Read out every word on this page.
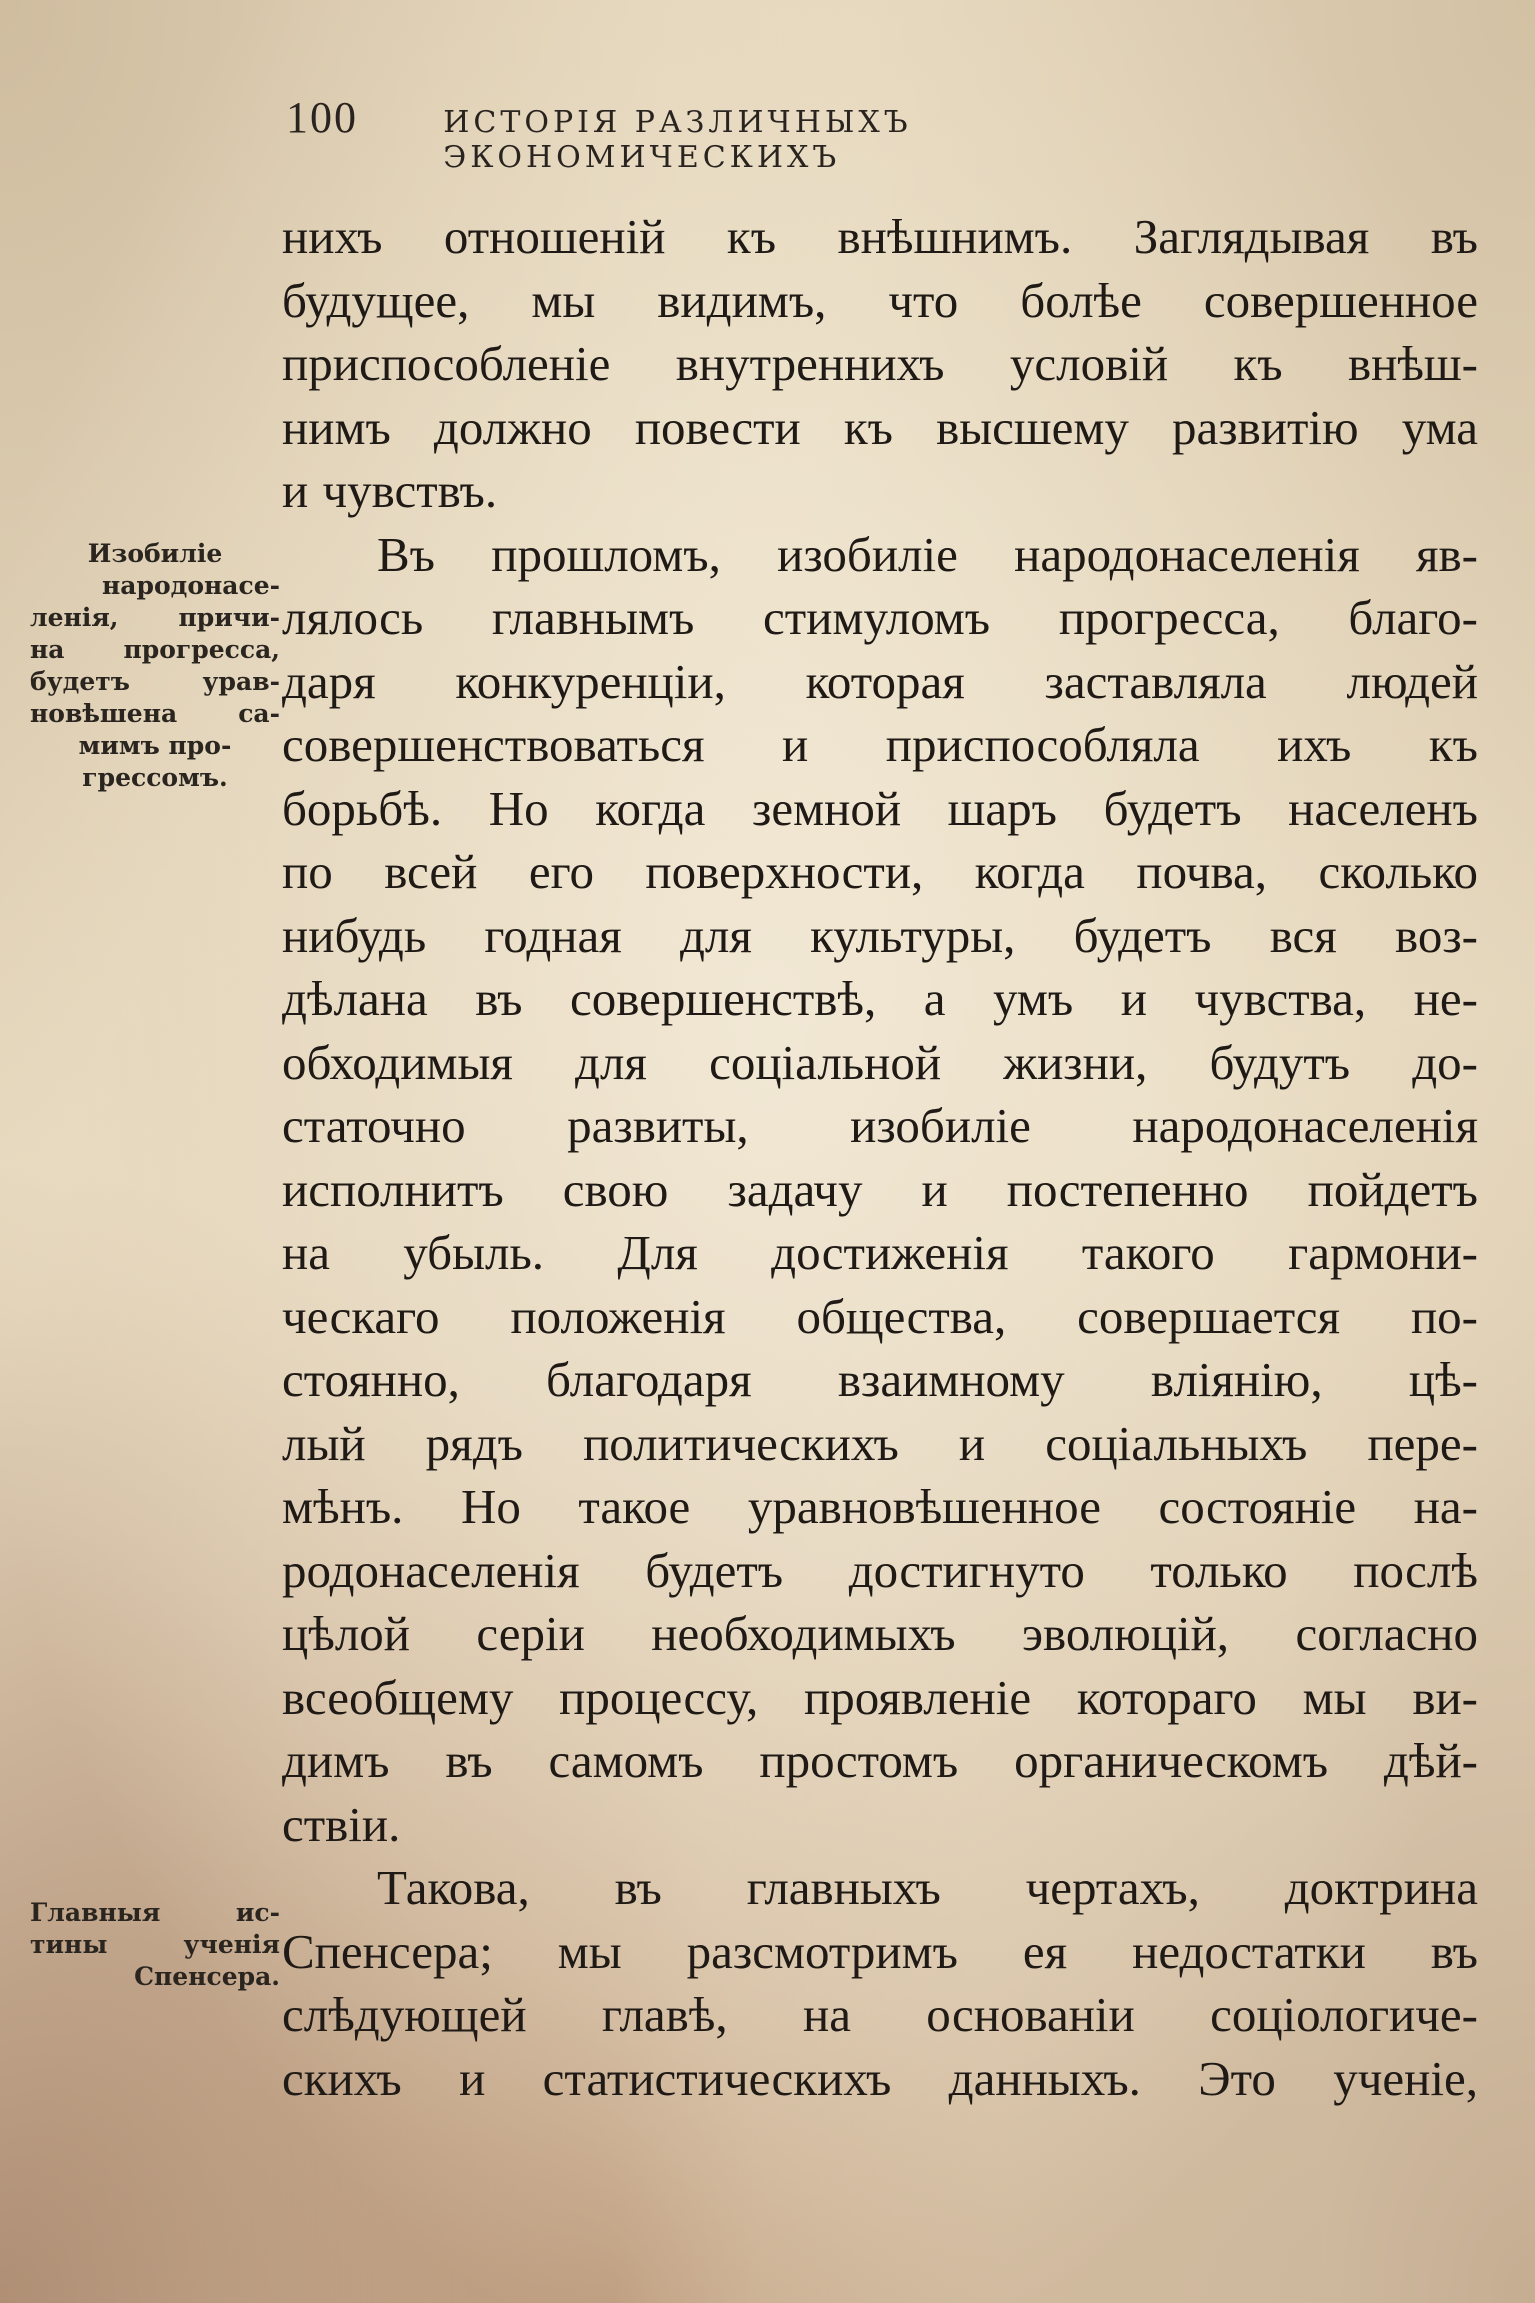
100	ИСТОРІЯ РАЗЛИЧНЫХЪ ЭКОНОМИЧЕСКИХЪ
Изобиліе
народонасе-
ленія, причи-
на прогресса,
будетъ урав-
новѣшена са-
мимъ про-
грессомъ.
Главныя ис-
тины ученія
Спенсера.
нихъ отношеній къ внѣшнимъ. Заглядывая въ
будущее, мы видимъ, что болѣе совершенное
приспособленіе внутреннихъ условій къ внѣш-
нимъ должно повести къ высшему развитію ума
и чувствъ.
Въ прошломъ, изобиліе народонаселенія яв-
лялось главнымъ стимуломъ прогресса, благо-
даря конкуренціи, которая заставляла людей
совершенствоваться и приспособляла ихъ къ
борьбѣ. Но когда земной шаръ будетъ населенъ
по всей его поверхности, когда почва, сколько
нибудь годная для культуры, будетъ вся воз-
дѣлана въ совершенствѣ, а умъ и чувства, не-
обходимыя для соціальной жизни, будутъ до-
статочно развиты, изобиліе народонаселенія
исполнитъ свою задачу и постепенно пойдетъ
на убыль. Для достиженія такого гармони-
ческаго положенія общества, совершается по-
стоянно, благодаря взаимному вліянію, цѣ-
лый рядъ политическихъ и соціальныхъ пере-
мѣнъ. Но такое уравновѣшенное состояніе на-
родонаселенія будетъ достигнуто только послѣ
цѣлой серіи необходимыхъ эволюцій, согласно
всеобщему процессу, проявленіе котораго мы ви-
димъ въ самомъ простомъ органическомъ дѣй-
ствіи.
Такова, въ главныхъ чертахъ, доктрина
Спенсера; мы разсмотримъ ея недостатки въ
слѣдующей главѣ, на основаніи соціологиче-
скихъ и статистическихъ данныхъ. Это ученіе,
